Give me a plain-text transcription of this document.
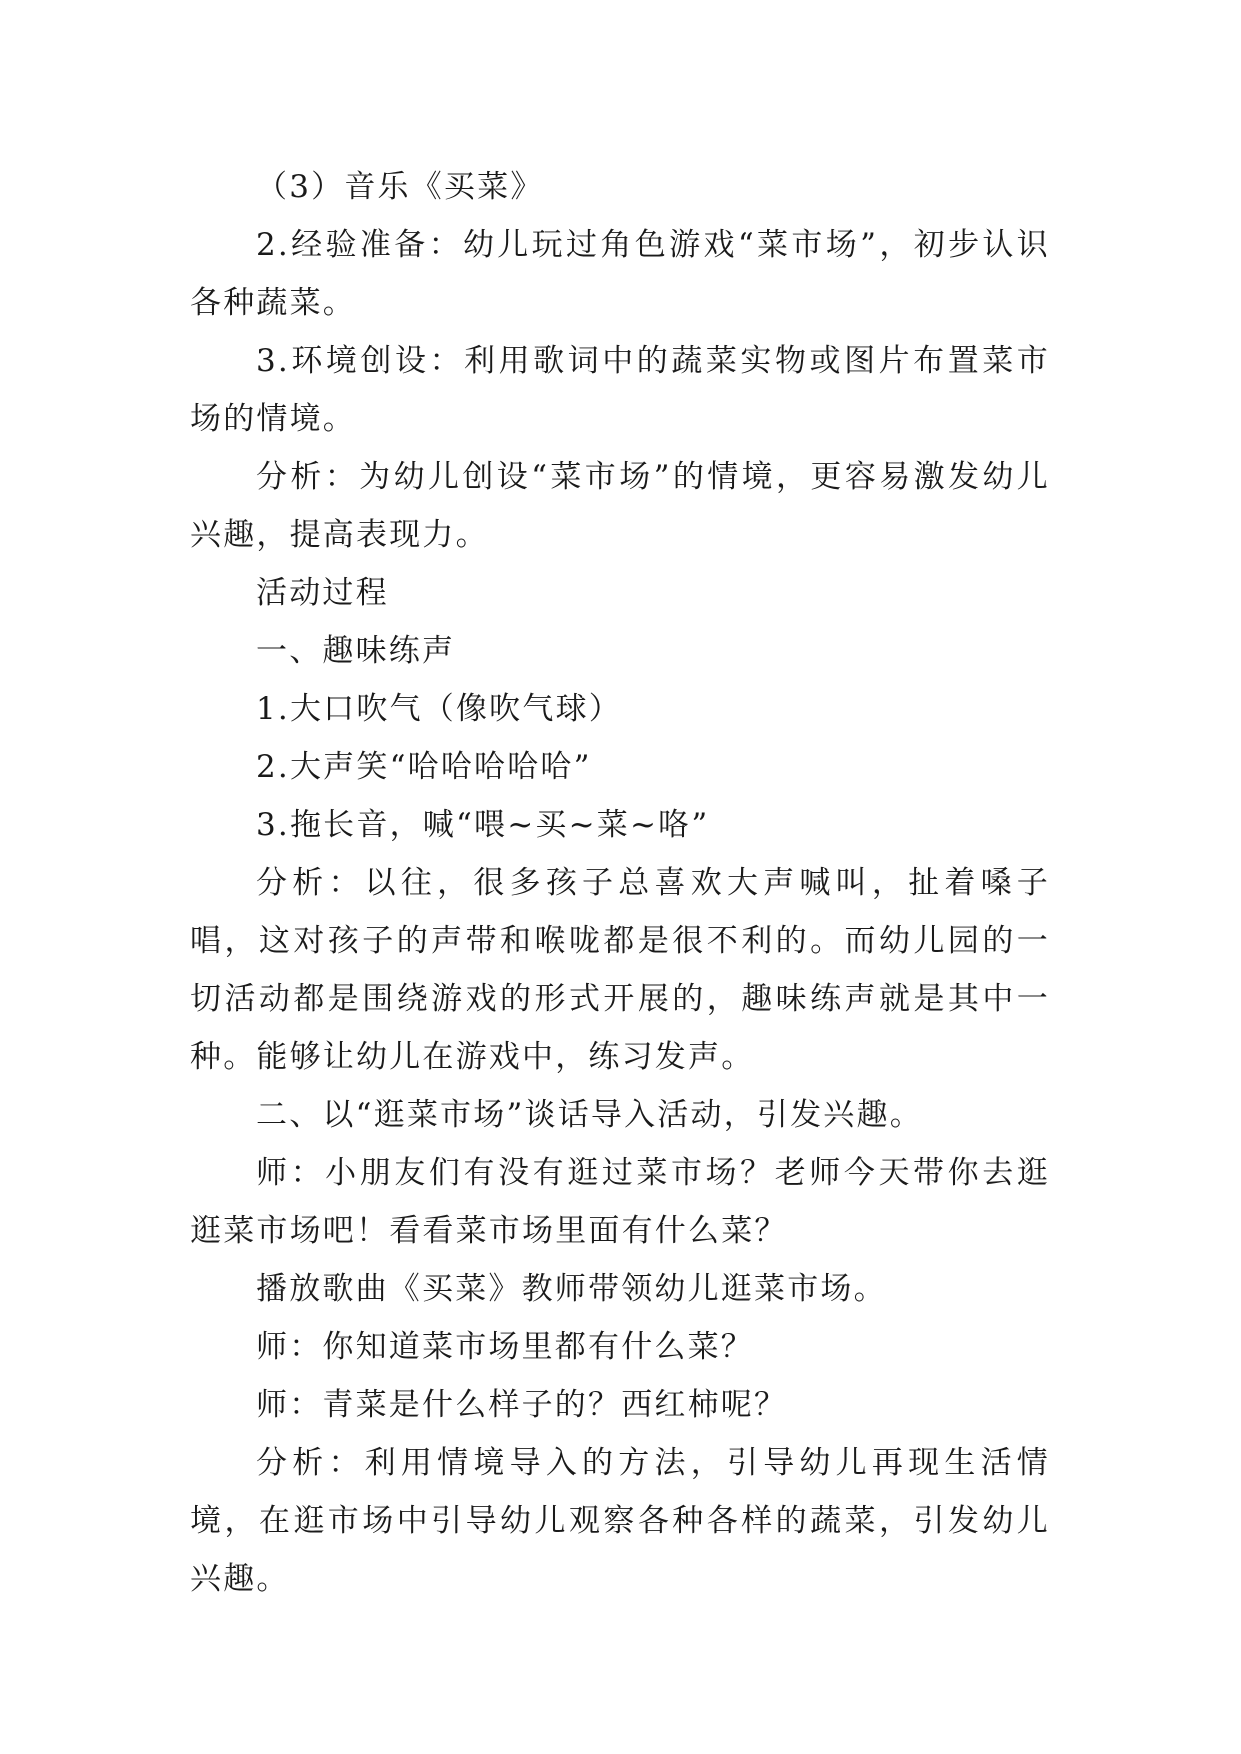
（3）音乐《买菜》

2.经验准备：幼儿玩过角色游戏“菜市场”，初步认识各种蔬菜。

3.环境创设：利用歌词中的蔬菜实物或图片布置菜市场的情境。

分析：为幼儿创设“菜市场”的情境，更容易激发幼儿兴趣，提高表现力。

活动过程

一、趣味练声

1.大口吹气（像吹气球）

2.大声笑“哈哈哈哈哈”

3.拖长音，喊“喂~买~菜~咯”

分析：以往，很多孩子总喜欢大声喊叫，扯着嗓子唱，这对孩子的声带和喉咙都是很不利的。而幼儿园的一切活动都是围绕游戏的形式开展的，趣味练声就是其中一种。能够让幼儿在游戏中，练习发声。

二、以“逛菜市场”谈话导入活动，引发兴趣。

师：小朋友们有没有逛过菜市场？老师今天带你去逛逛菜市场吧！看看菜市场里面有什么菜？

播放歌曲《买菜》教师带领幼儿逛菜市场。

师：你知道菜市场里都有什么菜？

师：青菜是什么样子的？西红柿呢？

分析：利用情境导入的方法，引导幼儿再现生活情境，在逛市场中引导幼儿观察各种各样的蔬菜，引发幼儿兴趣。
